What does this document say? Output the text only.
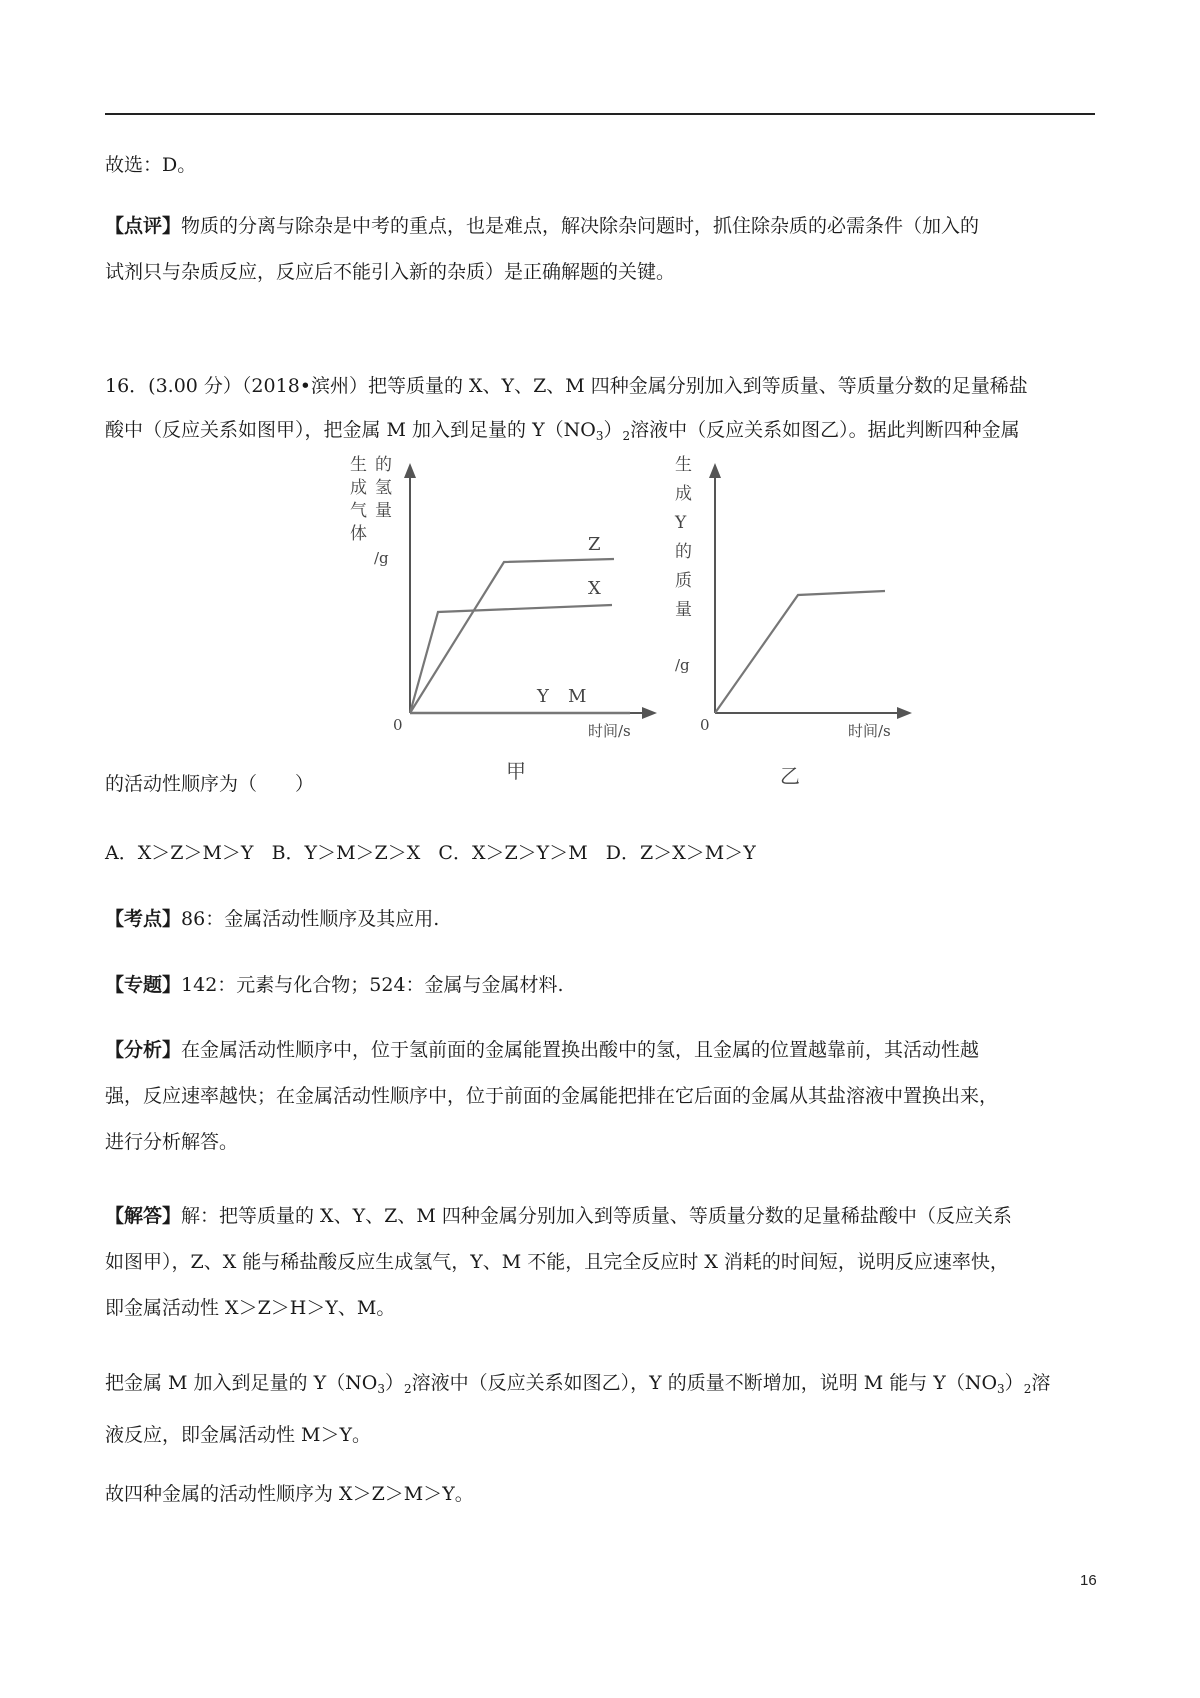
故选：D。

【点评】物质的分离与除杂是中考的重点，也是难点，解决除杂问题时，抓住除杂质的必需条件（加入的
试剂只与杂质反应，反应后不能引入新的杂质）是正确解题的关键。
16．(3.00 分）（2018•滨州）把等质量的 X、Y、Z、M 四种金属分别加入到等质量、等质量分数的足量稀盐
酸中（反应关系如图甲），把金属 M 加入到足量的 $Y(NO_3)_2$溶液中（反应关系如图乙）。据此判断四种金属
生成气体
的氢量
/g
Z
X
Y M
0	时间/s
甲
生成 Y 的质量
/g
0	时间/s
乙

的活动性顺序为（　　）

A．X＞Z＞M＞Y B．Y＞M＞Z＞X C．X＞Z＞Y＞M D．Z＞X＞M＞Y

【考点】86：金属活动性顺序及其应用.

【专题】142：元素与化合物；524：金属与金属材料.

【分析】在金属活动性顺序中，位于氢前面的金属能置换出酸中的氢，且金属的位置越靠前，其活动性越
强，反应速率越快；在金属活动性顺序中，位于前面的金属能把排在它后面的金属从其盐溶液中置换出来，
进行分析解答。
【解答】解：把等质量的 X、Y、Z、M 四种金属分别加入到等质量、等质量分数的足量稀盐酸中（反应关系
如图甲），Z、X 能与稀盐酸反应生成氢气，Y、M 不能，且完全反应时 X 消耗的时间短，说明反应速率快，
即金属活动性 X＞Z＞H＞Y、M。
把金属 M 加入到足量的 $Y(NO_3)_2$溶液中（反应关系如图乙），Y 的质量不断增加，说明 M 能与 $Y(NO_3)_2$溶
液反应，即金属活动性 M＞Y。

故四种金属的活动性顺序为 X＞Z＞M＞Y。

16
